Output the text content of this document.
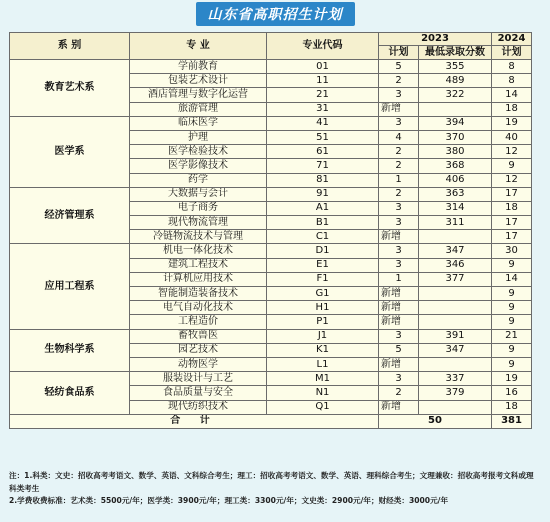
山东省高职招生计划
系 别	专 业	专业代码	2023		2024
			计划	最低录取分数	计划
教育艺术系	学前教育	01	5	355	8
	包装艺术设计	11	2	489	8
	酒店管理与数字化运营	21	3	322	14
	旅游管理	31	新增		18
医学系	临床医学	41	3	394	19
	护理	51	4	370	40
	医学检验技术	61	2	380	12
	医学影像技术	71	2	368	9
	药学	81	1	406	12
经济管理系	大数据与会计	91	2	363	17
	电子商务	A1	3	314	18
	现代物流管理	B1	3	311	17
	冷链物流技术与管理	C1	新增		17
应用工程系	机电一体化技术	D1	3	347	30
	建筑工程技术	E1	3	346	9
	计算机应用技术	F1	1	377	14
	智能制造装备技术	G1	新增		9
	电气自动化技术	H1	新增		9
	工程造价	P1	新增		9
生物科学系	畜牧兽医	J1	3	391	21
	园艺技术	K1	5	347	9
	动物医学	L1	新增		9
轻纺食品系	服装设计与工艺	M1	3	337	19
	食品质量与安全	N1	2	379	16
	现代纺织技术	Q1	新增		18
合 计			50		381
注：1.科类：文史：招收高考考语文、数学、英语、文科综合考生；理工：招收高考考语文、数学、英语、理科综合考生；文理兼收：招收高考报考文科或理科类考生
2.学费收费标准：艺术类：5500元/年；医学类：3900元/年；理工类：3300元/年；文史类：2900元/年；财经类：3000元/年
